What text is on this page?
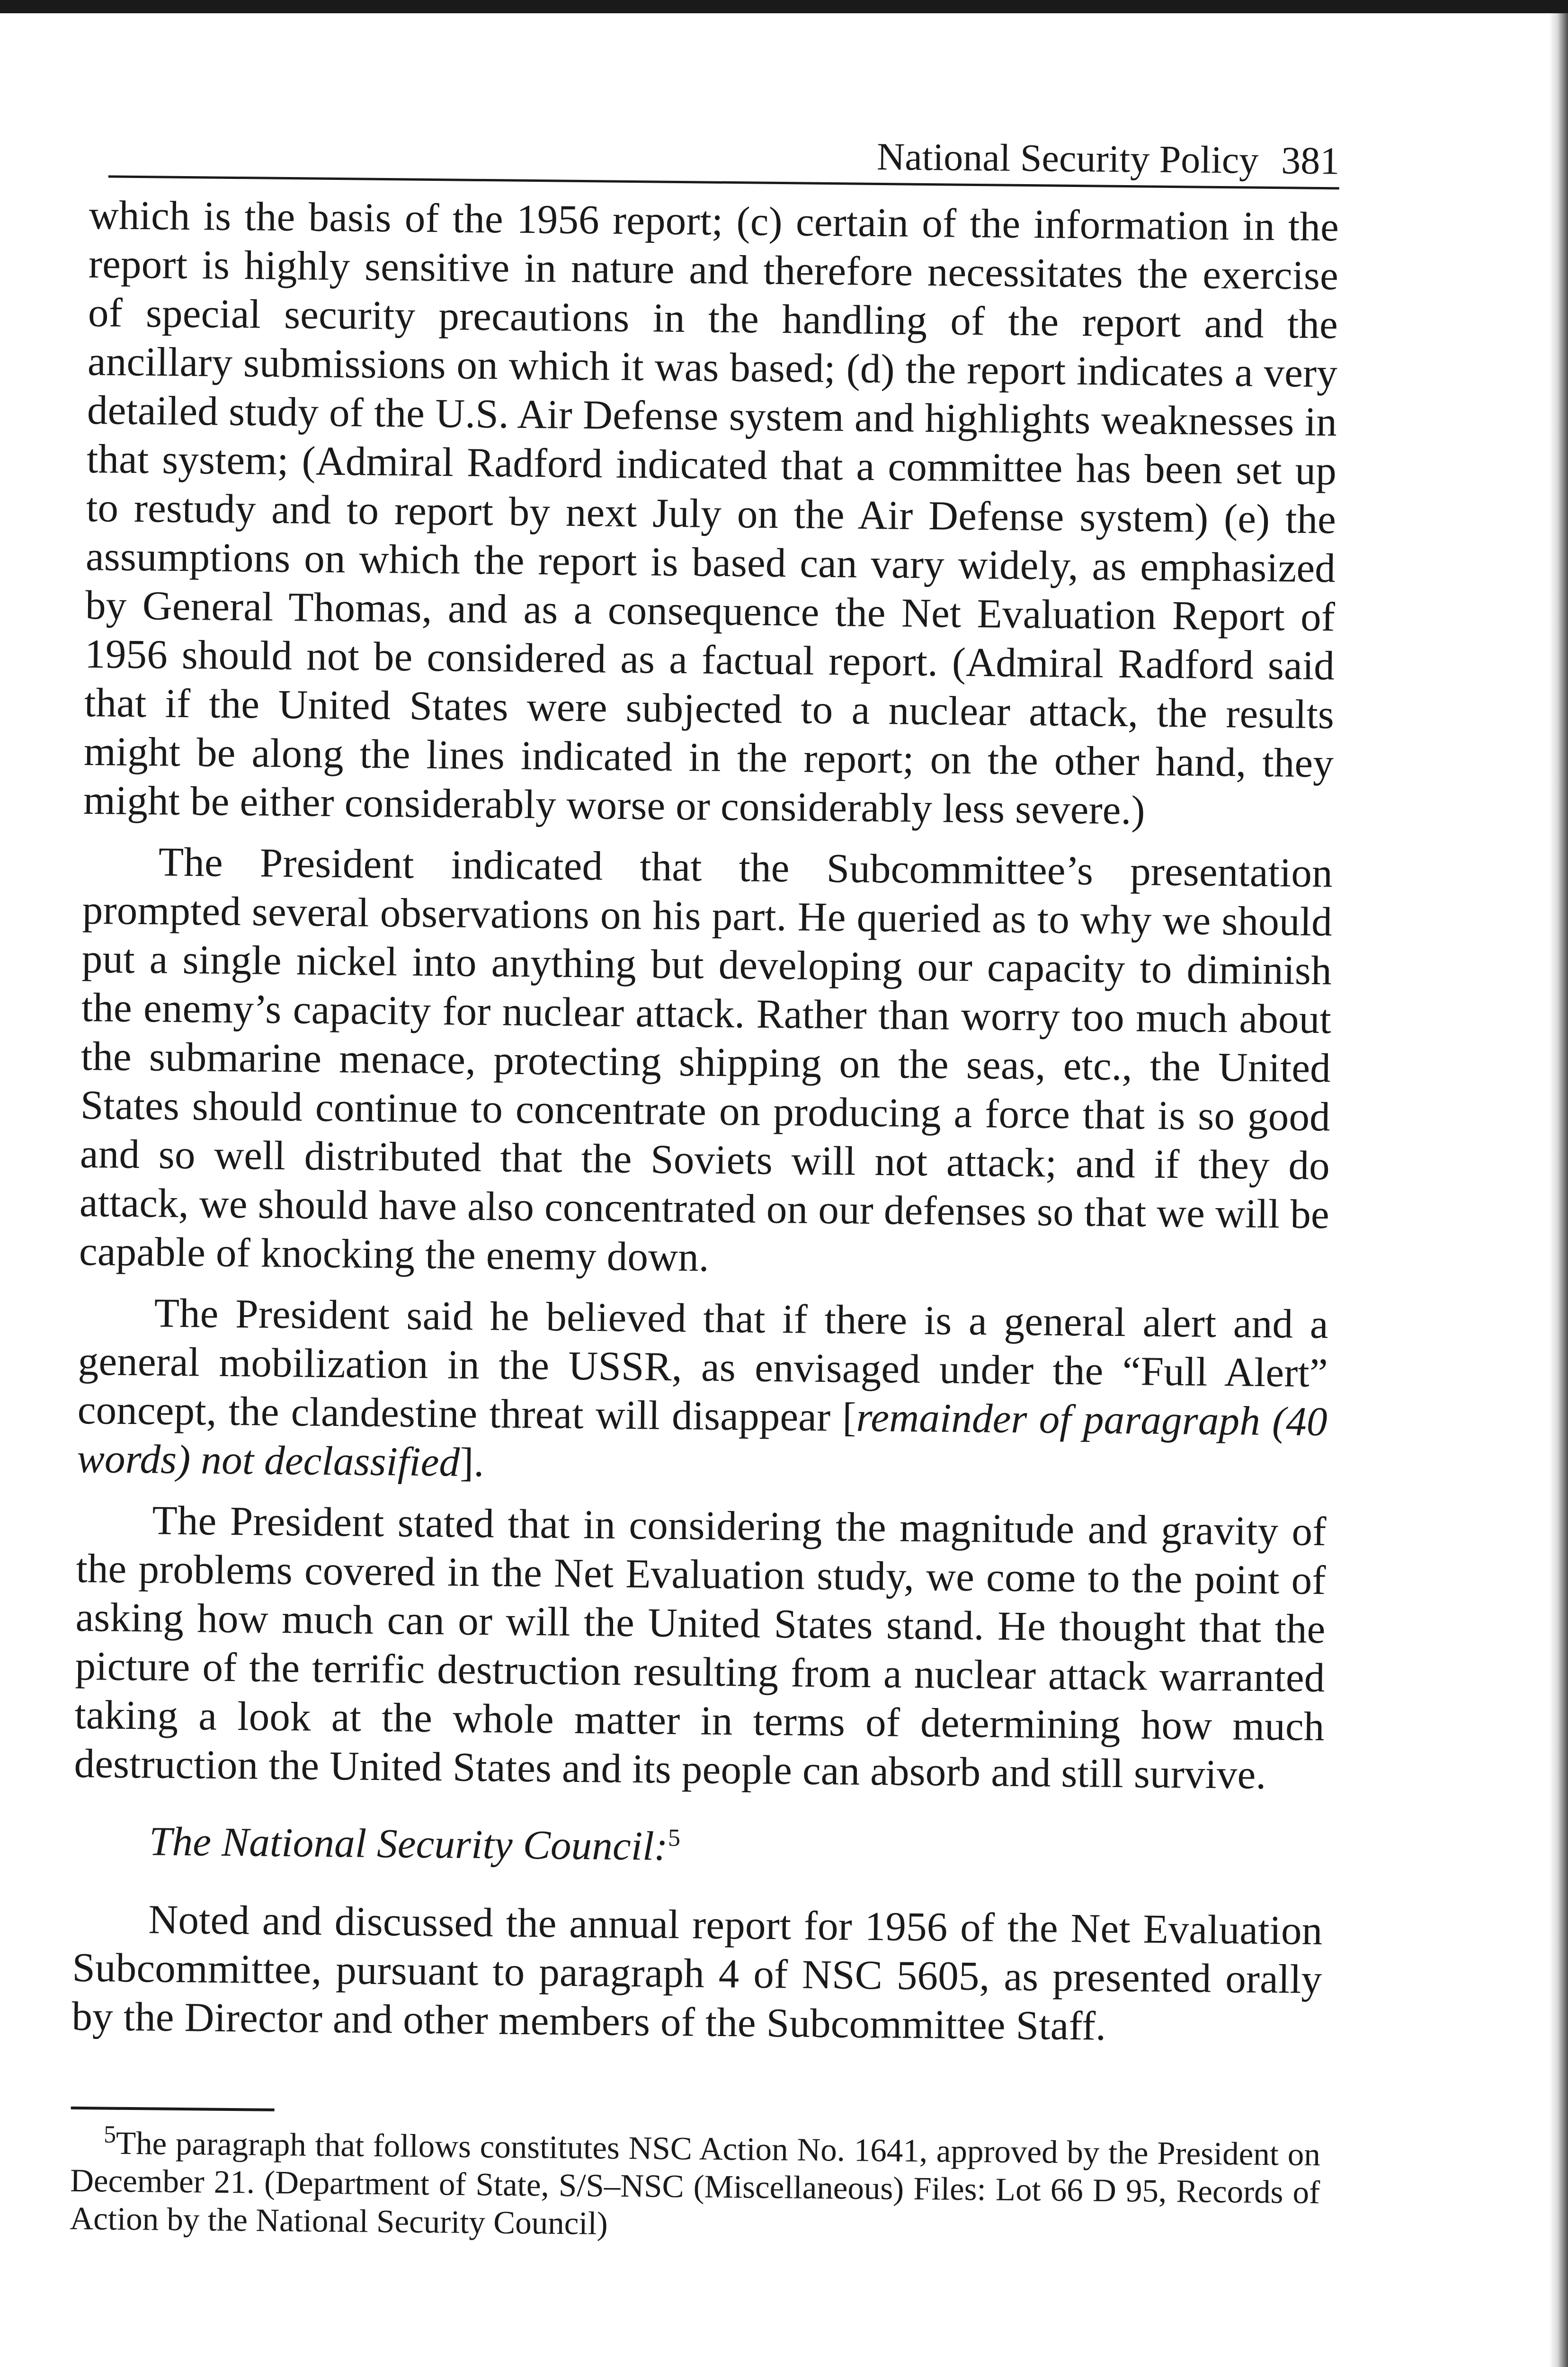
National Security Policy 381

which is the basis of the 1956 report; (c) certain of the information in the report is highly sensitive in nature and therefore necessitates the exercise of special security precautions in the handling of the report and the ancillary submissions on which it was based; (d) the report indicates a very detailed study of the U.S. Air Defense system and highlights weaknesses in that system; (Admiral Radford indicated that a committee has been set up to restudy and to report by next July on the Air Defense system) (e) the assumptions on which the report is based can vary widely, as emphasized by General Thomas, and as a consequence the Net Evaluation Report of 1956 should not be considered as a factual report. (Admiral Radford said that if the United States were subjected to a nuclear attack, the results might be along the lines indicated in the report; on the other hand, they might be either considerably worse or considerably less severe.)

The President indicated that the Subcommittee’s presentation prompted several observations on his part. He queried as to why we should put a single nickel into anything but developing our capacity to diminish the enemy’s capacity for nuclear attack. Rather than worry too much about the submarine menace, protecting shipping on the seas, etc., the United States should continue to concentrate on producing a force that is so good and so well distributed that the Soviets will not attack; and if they do attack, we should have also concentrated on our defenses so that we will be capable of knocking the enemy down.

The President said he believed that if there is a general alert and a general mobilization in the USSR, as envisaged under the “Full Alert” concept, the clandestine threat will disappear [remainder of paragraph (40 words) not declassified].

The President stated that in considering the magnitude and gravity of the problems covered in the Net Evaluation study, we come to the point of asking how much can or will the United States stand. He thought that the picture of the terrific destruction resulting from a nuclear attack warranted taking a look at the whole matter in terms of determining how much destruction the United States and its people can absorb and still survive.

The National Security Council:$^5$

Noted and discussed the annual report for 1956 of the Net Evaluation Subcommittee, pursuant to paragraph 4 of NSC 5605, as presented orally by the Director and other members of the Subcommittee Staff.

$^5$The paragraph that follows constitutes NSC Action No. 1641, approved by the President on December 21. (Department of State, S/S–NSC (Miscellaneous) Files: Lot 66 D 95, Records of Action by the National Security Council)
